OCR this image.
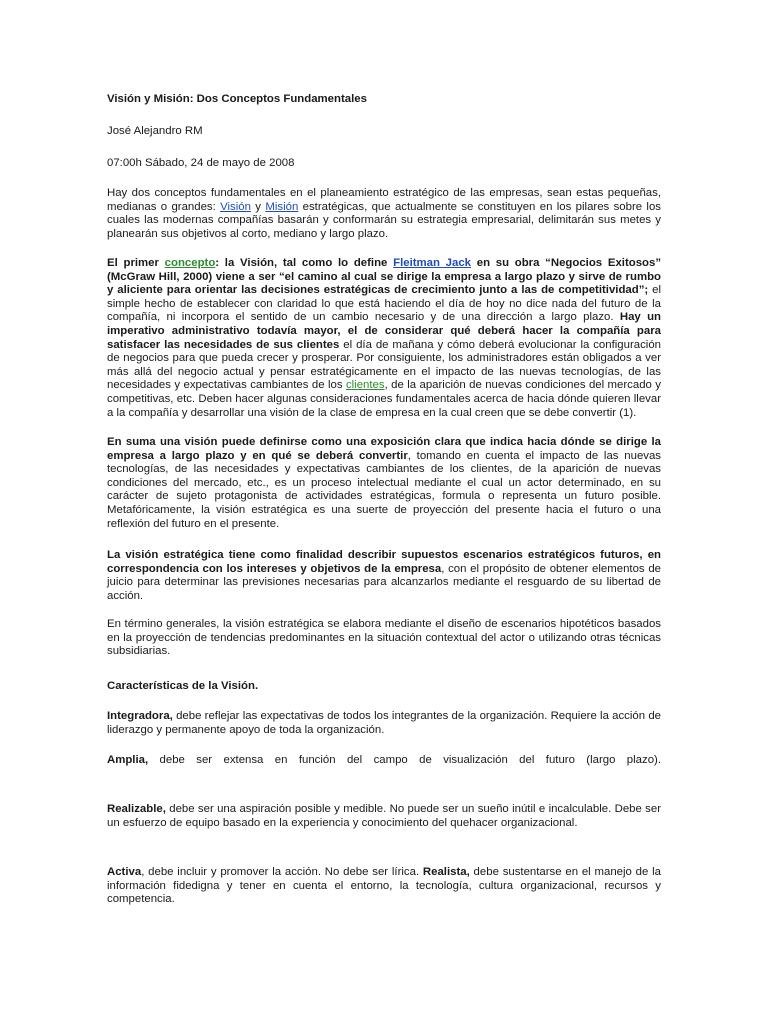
Visión y Misión: Dos Conceptos Fundamentales

José Alejandro RM

07:00h Sábado, 24 de mayo de 2008

Hay dos conceptos fundamentales en el planeamiento estratégico de las empresas, sean estas pequeñas, medianas o grandes: Visión y Misión estratégicas, que actualmente se constituyen en los pilares sobre los cuales las modernas compañías basarán y conformarán su estrategia empresarial, delimitarán sus metes y planearán sus objetivos al corto, mediano y largo plazo.

El primer concepto: la Visión, tal como lo define Fleitman Jack en su obra “Negocios Exitosos” (McGraw Hill, 2000) viene a ser “el camino al cual se dirige la empresa a largo plazo y sirve de rumbo y aliciente para orientar las decisiones estratégicas de crecimiento junto a las de competitividad”; el simple hecho de establecer con claridad lo que está haciendo el día de hoy no dice nada del futuro de la compañía, ni incorpora el sentido de un cambio necesario y de una dirección a largo plazo. Hay un imperativo administrativo todavía mayor, el de considerar qué deberá hacer la compañía para satisfacer las necesidades de sus clientes el día de mañana y cómo deberá evolucionar la configuración de negocios para que pueda crecer y prosperar. Por consiguiente, los administradores están obligados a ver más allá del negocio actual y pensar estratégicamente en el impacto de las nuevas tecnologías, de las necesidades y expectativas cambiantes de los clientes, de la aparición de nuevas condiciones del mercado y competitivas, etc. Deben hacer algunas consideraciones fundamentales acerca de hacia dónde quieren llevar a la compañía y desarrollar una visión de la clase de empresa en la cual creen que se debe convertir (1).

En suma una visión puede definirse como una exposición clara que indica hacia dónde se dirige la empresa a largo plazo y en qué se deberá convertir, tomando en cuenta el impacto de las nuevas tecnologías, de las necesidades y expectativas cambiantes de los clientes, de la aparición de nuevas condiciones del mercado, etc., es un proceso intelectual mediante el cual un actor determinado, en su carácter de sujeto protagonista de actividades estratégicas, formula o representa un futuro posible. Metafóricamente, la visión estratégica es una suerte de proyección del presente hacia el futuro o una reflexión del futuro en el presente.

La visión estratégica tiene como finalidad describir supuestos escenarios estratégicos futuros, en correspondencia con los intereses y objetivos de la empresa, con el propósito de obtener elementos de juicio para determinar las previsiones necesarias para alcanzarlos mediante el resguardo de su libertad de acción.

En término generales, la visión estratégica se elabora mediante el diseño de escenarios hipotéticos basados en la proyección de tendencias predominantes en la situación contextual del actor o utilizando otras técnicas subsidiarias.

Características de la Visión.

Integradora, debe reflejar las expectativas de todos los integrantes de la organización. Requiere la acción de liderazgo y permanente apoyo de toda la organización.

Amplia, debe ser extensa en función del campo de visualización del futuro (largo plazo).

Realizable, debe ser una aspiración posible y medible. No puede ser un sueño inútil e incalculable. Debe ser un esfuerzo de equipo basado en la experiencia y conocimiento del quehacer organizacional.

Activa, debe incluir y promover la acción. No debe ser lírica. Realista, debe sustentarse en el manejo de la información fidedigna y tener en cuenta el entorno, la tecnología, cultura organizacional, recursos y competencia.
